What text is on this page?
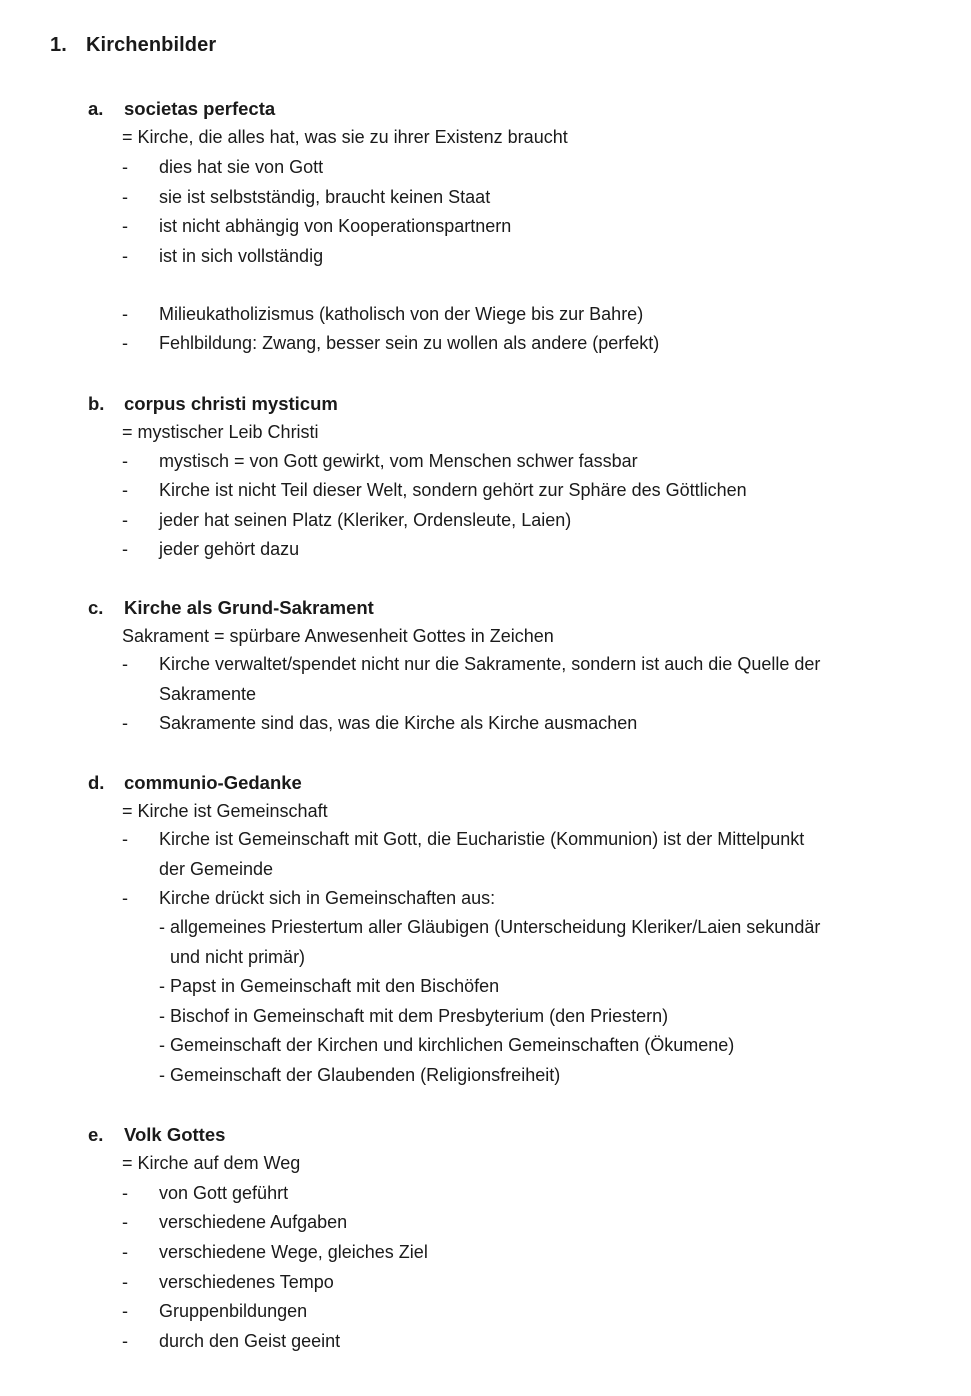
1. Kirchenbilder
a. societas perfecta
= Kirche, die alles hat, was sie zu ihrer Existenz braucht
- dies hat sie von Gott
- sie ist selbstständig, braucht keinen Staat
- ist nicht abhängig von Kooperationspartnern
- ist in sich vollständig
- Milieukatholizismus (katholisch von der Wiege bis zur Bahre)
- Fehlbildung: Zwang, besser sein zu wollen als andere (perfekt)
b. corpus christi mysticum
= mystischer Leib Christi
- mystisch = von Gott gewirkt, vom Menschen schwer fassbar
- Kirche ist nicht Teil dieser Welt, sondern gehört zur Sphäre des Göttlichen
- jeder hat seinen Platz (Kleriker, Ordensleute, Laien)
- jeder gehört dazu
c. Kirche als Grund-Sakrament
Sakrament = spürbare Anwesenheit Gottes in Zeichen
- Kirche verwaltet/spendet nicht nur die Sakramente, sondern ist auch die Quelle der
Sakramente
- Sakramente sind das, was die Kirche als Kirche ausmachen
d. communio-Gedanke
= Kirche ist Gemeinschaft
- Kirche ist Gemeinschaft mit Gott, die Eucharistie (Kommunion) ist der Mittelpunkt
der Gemeinde
- Kirche drückt sich in Gemeinschaften aus:
- allgemeines Priestertum aller Gläubigen (Unterscheidung Kleriker/Laien sekundär
und nicht primär)
- Papst in Gemeinschaft mit den Bischöfen
- Bischof in Gemeinschaft mit dem Presbyterium (den Priestern)
- Gemeinschaft der Kirchen und kirchlichen Gemeinschaften (Ökumene)
- Gemeinschaft der Glaubenden (Religionsfreiheit)
e. Volk Gottes
= Kirche auf dem Weg
- von Gott geführt
- verschiedene Aufgaben
- verschiedene Wege, gleiches Ziel
- verschiedenes Tempo
- Gruppenbildungen
- durch den Geist geeint
